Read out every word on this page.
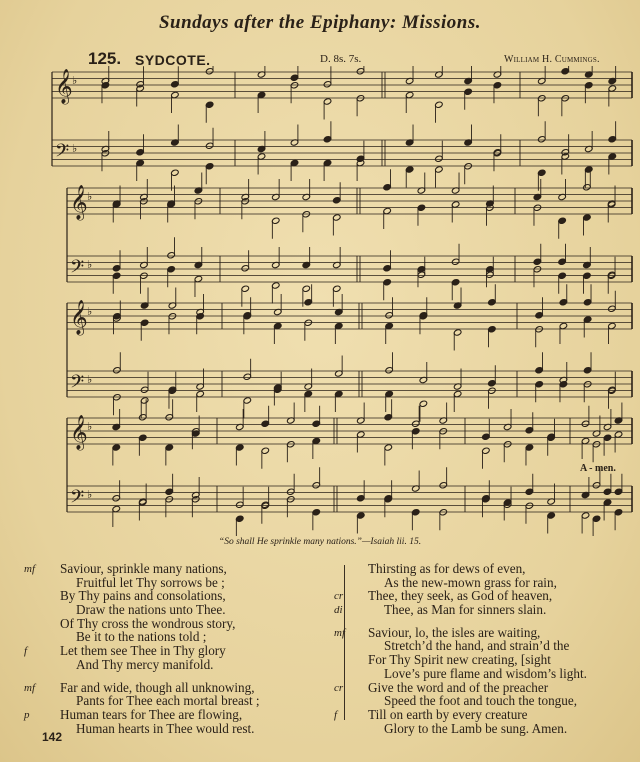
Sundays after the Epiphany: Missions.
125. SYDCOTE.	D. 8s. 7s.	William H. Cummings.
𝄞 ♭
𝄢 ♭
𝄞 ♭
𝄢 ♭
𝄞 ♭
𝄢 ♭
𝄞 ♭
𝄢 ♭
A - men.
“So shall He sprinkle many nations.”—Isaiah lii. 15.
mf Saviour, sprinkle many nations,
Fruitful let Thy sorrows be ;
By Thy pains and consolations,
Draw the nations unto Thee.
Of Thy cross the wondrous story,
Be it to the nations told ;
f Let them see Thee in Thy glory
And Thy mercy manifold.
mf Far and wide, though all unknowing,
Pants for Thee each mortal breast ;
p Human tears for Thee are flowing,
Human hearts in Thee would rest.
Thirsting as for dews of even,
As the new-mown grass for rain,
cr Thee, they seek, as God of heaven,
di	Thee, as Man for sinners slain.
mf Saviour, lo, the isles are waiting,
Stretch’d the hand, and strain’d the
For Thy Spirit new creating, [sight
Love’s pure flame and wisdom’s light.
cr Give the word and of the preacher
Speed the foot and touch the tongue,
f Till on earth by every creature
Glory to the Lamb be sung. Amen.
142
